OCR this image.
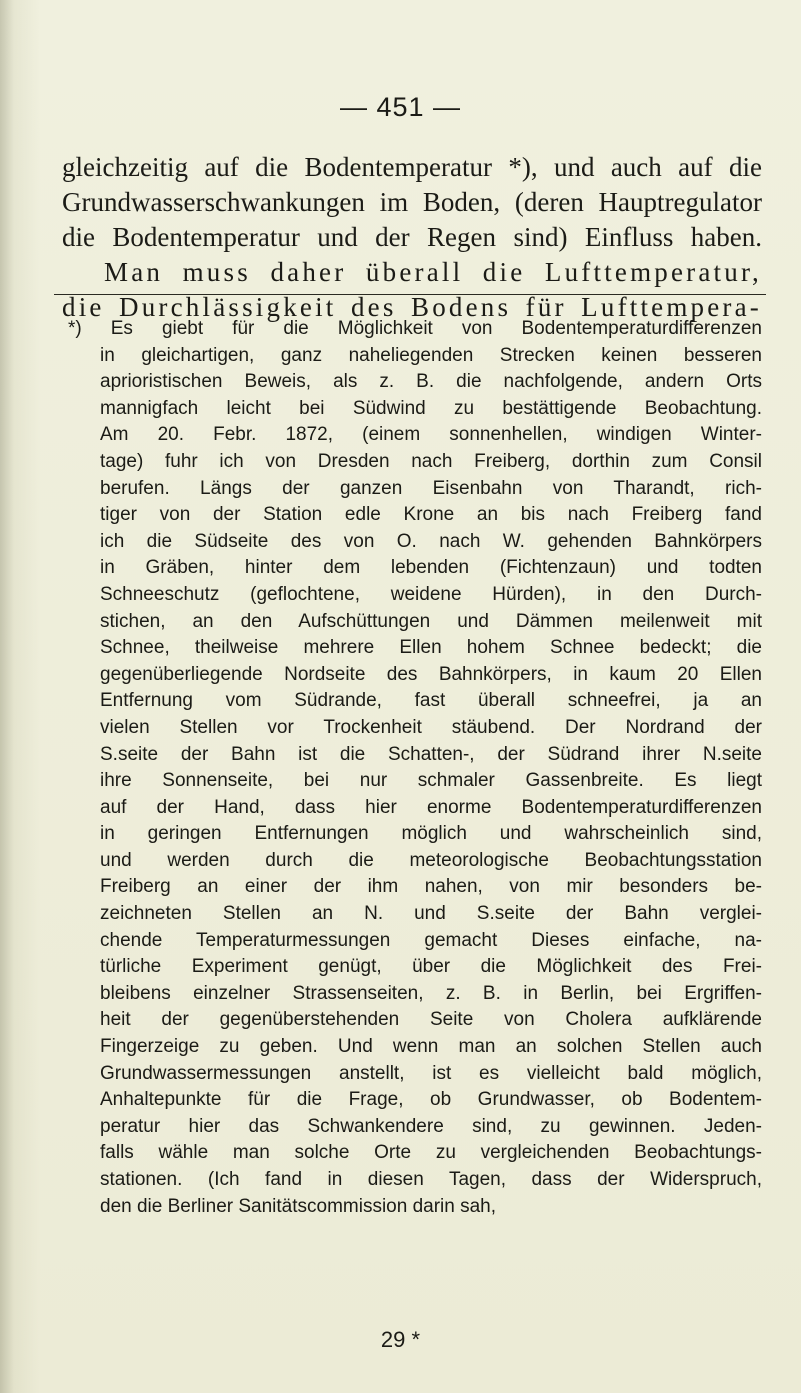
— 451 —
gleichzeitig auf die Bodentemperatur *), und auch auf die
Grundwasserschwankungen im Boden, (deren Hauptregulator
die Bodentemperatur und der Regen sind) Einfluss haben.
Man muss daher überall die Lufttemperatur,
die Durchlässigkeit des Bodens für Lufttempera-
*) Es giebt für die Möglichkeit von Bodentemperaturdifferenzen
in gleichartigen, ganz naheliegenden Strecken keinen besseren
aprioristischen Beweis, als z. B. die nachfolgende, andern Orts
mannigfach leicht bei Südwind zu bestättigende Beobachtung.
Am 20. Febr. 1872, (einem sonnenhellen, windigen Winter-
tage) fuhr ich von Dresden nach Freiberg, dorthin zum Consil
berufen. Längs der ganzen Eisenbahn von Tharandt, rich-
tiger von der Station edle Krone an bis nach Freiberg fand
ich die Südseite des von O. nach W. gehenden Bahnkörpers
in Gräben, hinter dem lebenden (Fichtenzaun) und todten
Schneeschutz (geflochtene, weidene Hürden), in den Durch-
stichen, an den Aufschüttungen und Dämmen meilenweit mit
Schnee, theilweise mehrere Ellen hohem Schnee bedeckt; die
gegenüberliegende Nordseite des Bahnkörpers, in kaum 20 Ellen
Entfernung vom Südrande, fast überall schneefrei, ja an
vielen Stellen vor Trockenheit stäubend. Der Nordrand der
S.seite der Bahn ist die Schatten-, der Südrand ihrer N.seite
ihre Sonnenseite, bei nur schmaler Gassenbreite. Es liegt
auf der Hand, dass hier enorme Bodentemperaturdifferenzen
in geringen Entfernungen möglich und wahrscheinlich sind,
und werden durch die meteorologische Beobachtungsstation
Freiberg an einer der ihm nahen, von mir besonders be-
zeichneten Stellen an N. und S.seite der Bahn verglei-
chende Temperaturmessungen gemacht Dieses einfache, na-
türliche Experiment genügt, über die Möglichkeit des Frei-
bleibens einzelner Strassenseiten, z. B. in Berlin, bei Ergriffen-
heit der gegenüberstehenden Seite von Cholera aufklärende
Fingerzeige zu geben. Und wenn man an solchen Stellen auch
Grundwassermessungen anstellt, ist es vielleicht bald möglich,
Anhaltepunkte für die Frage, ob Grundwasser, ob Bodentem-
peratur hier das Schwankendere sind, zu gewinnen. Jeden-
falls wähle man solche Orte zu vergleichenden Beobachtungs-
stationen. (Ich fand in diesen Tagen, dass der Widerspruch,
den die Berliner Sanitätscommission darin sah,
29 *
